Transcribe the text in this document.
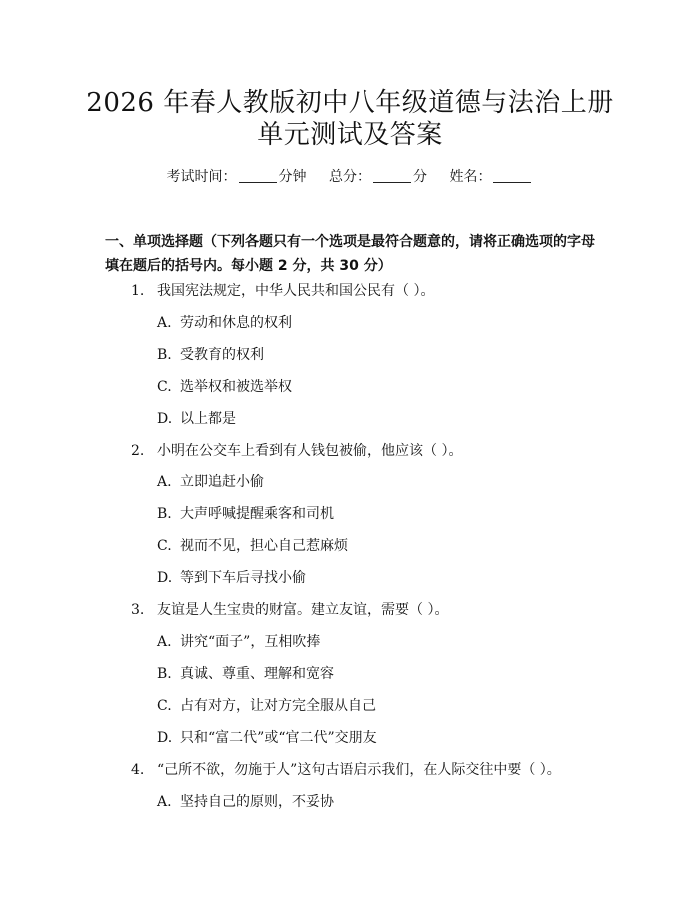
2026 年春人教版初中八年级道德与法治上册
单元测试及答案
考试时间：	分钟 总分：	分 姓名：
一、单项选择题（下列各题只有一个选项是最符合题意的，请将正确选项的字母
填在题后的括号内。每小题 2 分，共 30 分）
1. 我国宪法规定，中华人民共和国公民有（ ）。
A. 劳动和休息的权利
B. 受教育的权利
C. 选举权和被选举权
D. 以上都是
2. 小明在公交车上看到有人钱包被偷，他应该（ ）。
A. 立即追赶小偷
B. 大声呼喊提醒乘客和司机
C. 视而不见，担心自己惹麻烦
D. 等到下车后寻找小偷
3. 友谊是人生宝贵的财富。建立友谊，需要（ ）。
A. 讲究“面子”，互相吹捧
B. 真诚、尊重、理解和宽容
C. 占有对方，让对方完全服从自己
D. 只和“富二代”或“官二代”交朋友
4. “己所不欲，勿施于人”这句古语启示我们，在人际交往中要（ ）。
A. 坚持自己的原则，不妥协
